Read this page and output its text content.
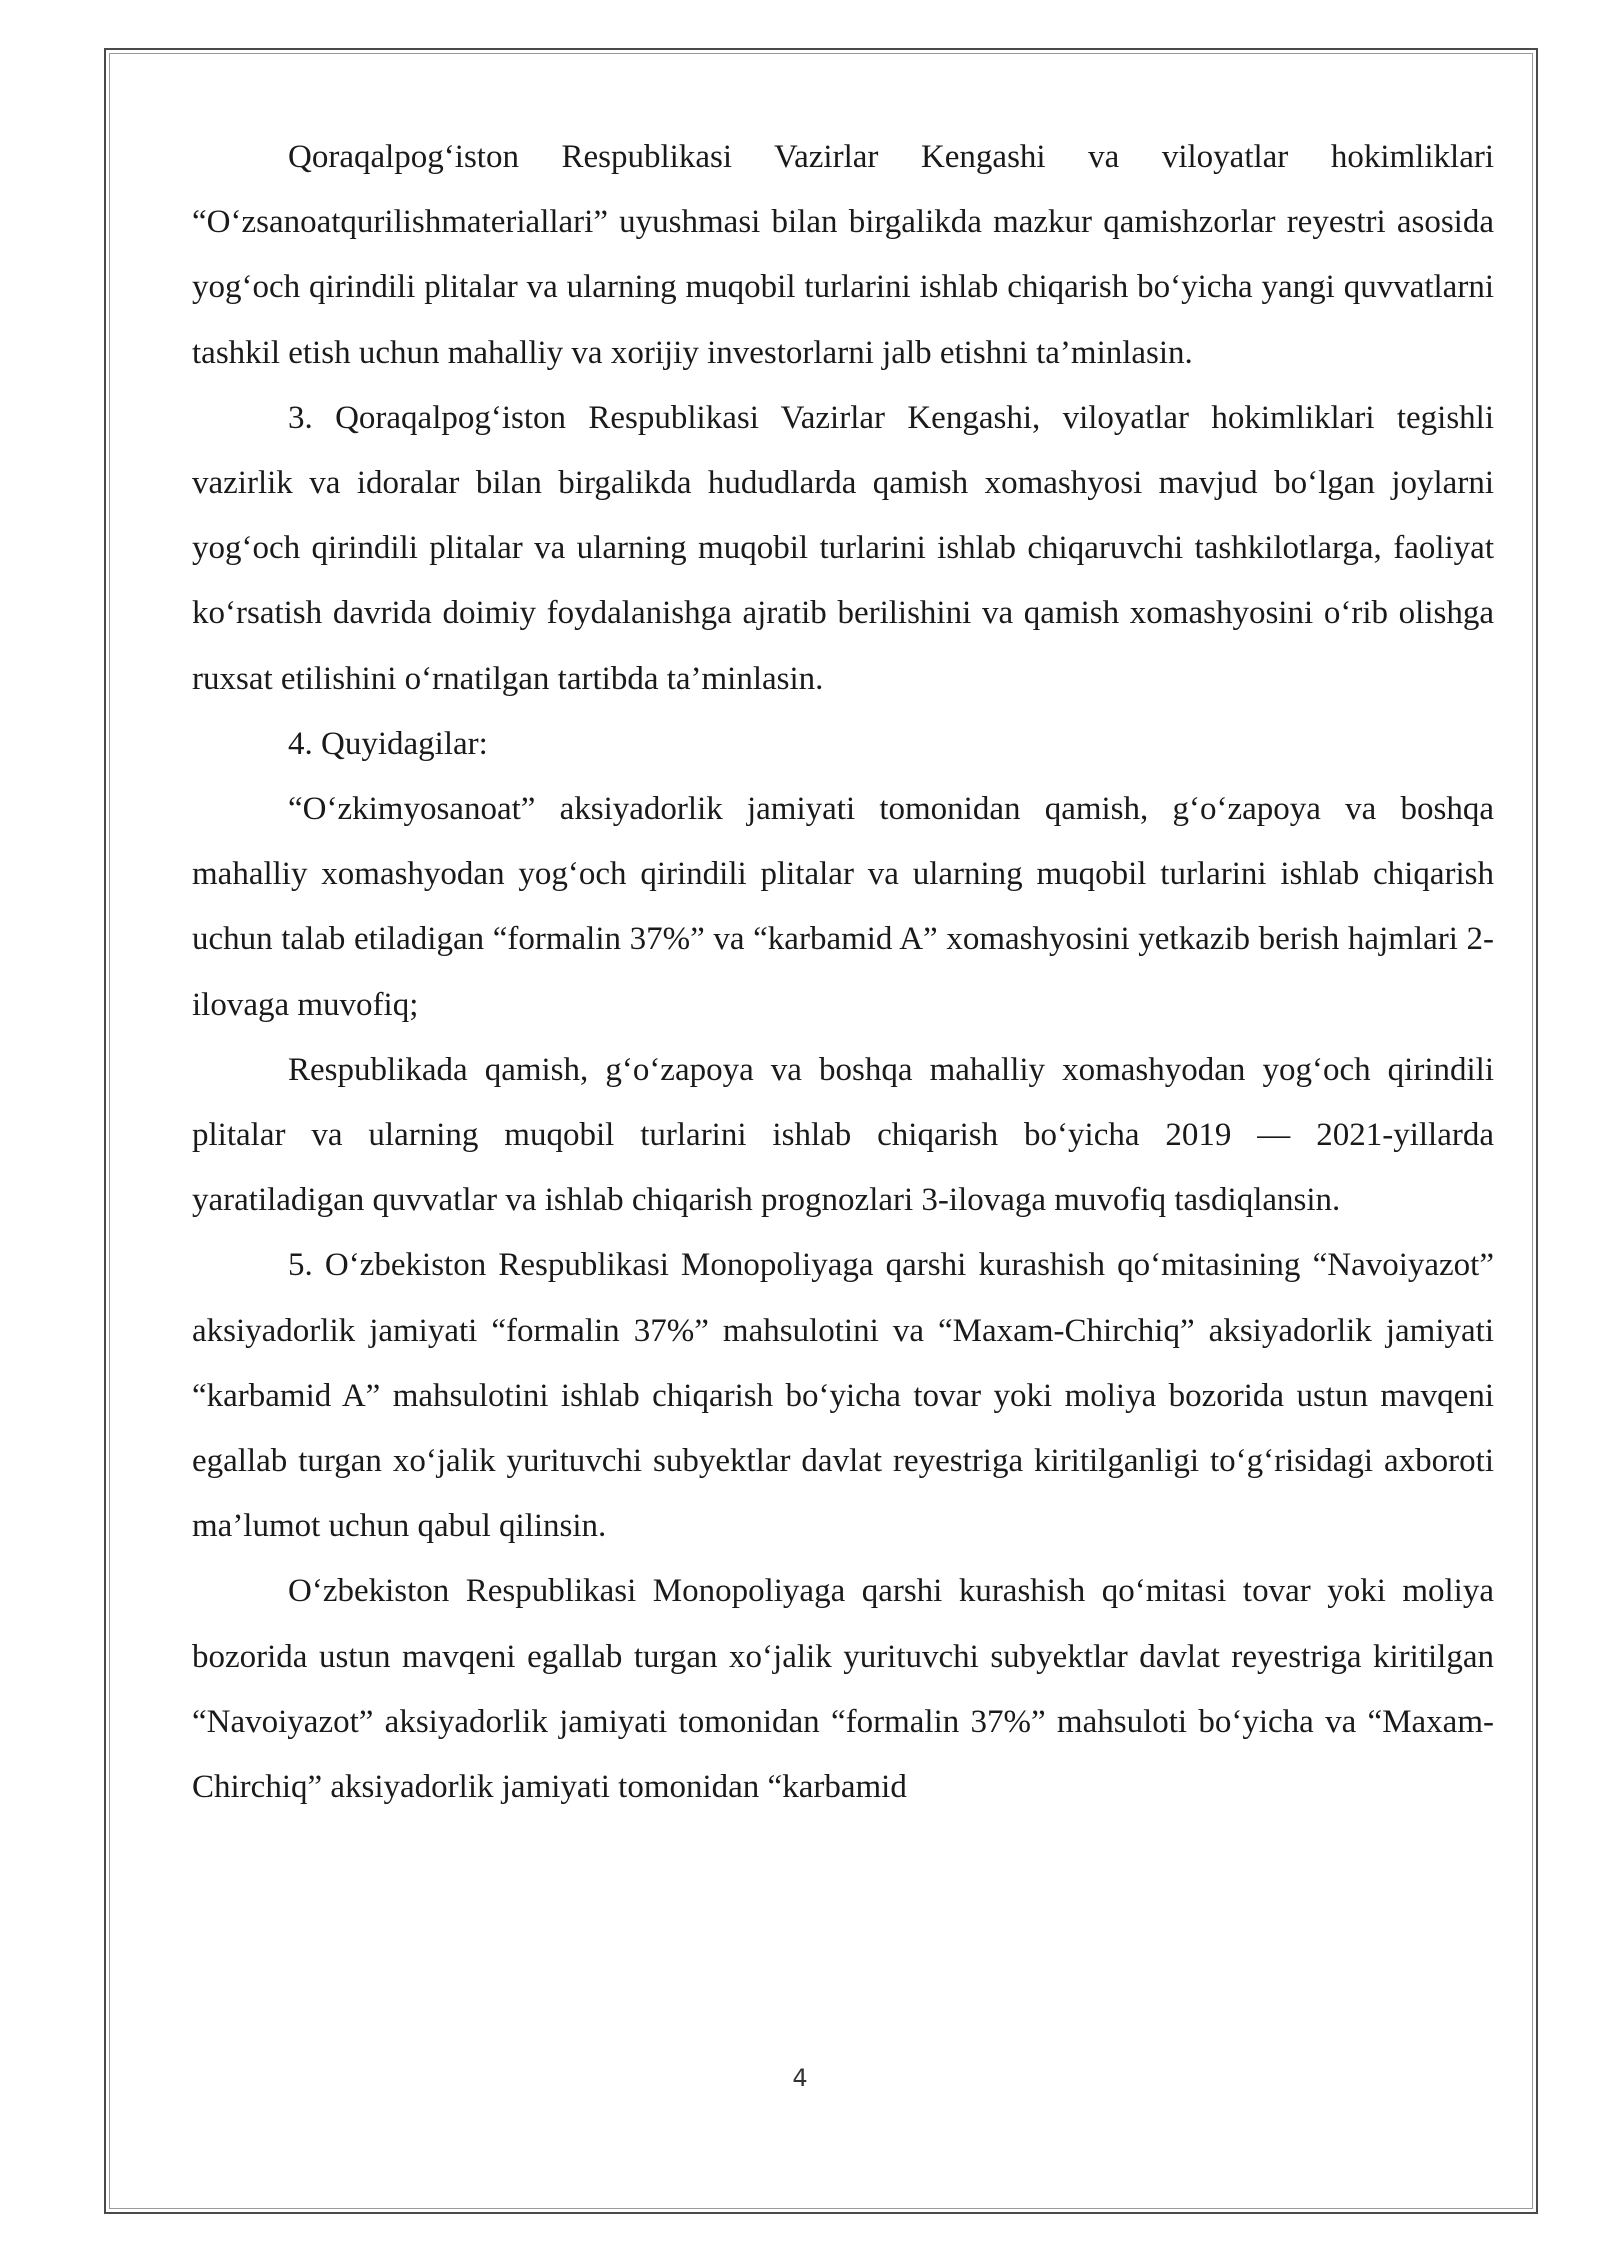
Qoraqalpog‘iston Respublikasi Vazirlar Kengashi va viloyatlar hokimliklari “O‘zsanoatqurilishmateriallari” uyushmasi bilan birgalikda mazkur qamishzorlar reyestri asosida yog‘och qirindili plitalar va ularning muqobil turlarini ishlab chiqarish bo‘yicha yangi quvvatlarni tashkil etish uchun mahalliy va xorijiy investorlarni jalb etishni ta’minlasin.

3. Qoraqalpog‘iston Respublikasi Vazirlar Kengashi, viloyatlar hokimliklari tegishli vazirlik va idoralar bilan birgalikda hududlarda qamish xomashyosi mavjud bo‘lgan joylarni yog‘och qirindili plitalar va ularning muqobil turlarini ishlab chiqaruvchi tashkilotlarga, faoliyat ko‘rsatish davrida doimiy foydalanishga ajratib berilishini va qamish xomashyosini o‘rib olishga ruxsat etilishini o‘rnatilgan tartibda ta’minlasin.

4. Quyidagilar:

“O‘zkimyosanoat” aksiyadorlik jamiyati tomonidan qamish, g‘o‘zapoya va boshqa mahalliy xomashyodan yog‘och qirindili plitalar va ularning muqobil turlarini ishlab chiqarish uchun talab etiladigan “formalin 37%” va “karbamid A” xomashyosini yetkazib berish hajmlari 2-ilovaga muvofiq;

Respublikada qamish, g‘o‘zapoya va boshqa mahalliy xomashyodan yog‘och qirindili plitalar va ularning muqobil turlarini ishlab chiqarish bo‘yicha 2019 — 2021-yillarda yaratiladigan quvvatlar va ishlab chiqarish prognozlari 3-ilovaga muvofiq tasdiqlansin.

5. O‘zbekiston Respublikasi Monopoliyaga qarshi kurashish qo‘mitasining “Navoiyazot” aksiyadorlik jamiyati “formalin 37%” mahsulotini va “Maxam-Chirchiq” aksiyadorlik jamiyati “karbamid A” mahsulotini ishlab chiqarish bo‘yicha tovar yoki moliya bozorida ustun mavqeni egallab turgan xo‘jalik yurituvchi subyektlar davlat reyestriga kiritilganligi to‘g‘risidagi axboroti ma’lumot uchun qabul qilinsin.

O‘zbekiston Respublikasi Monopoliyaga qarshi kurashish qo‘mitasi tovar yoki moliya bozorida ustun mavqeni egallab turgan xo‘jalik yurituvchi subyektlar davlat reyestriga kiritilgan “Navoiyazot” aksiyadorlik jamiyati tomonidan “formalin 37%” mahsuloti bo‘yicha va “Maxam-Chirchiq” aksiyadorlik jamiyati tomonidan “karbamid

4
